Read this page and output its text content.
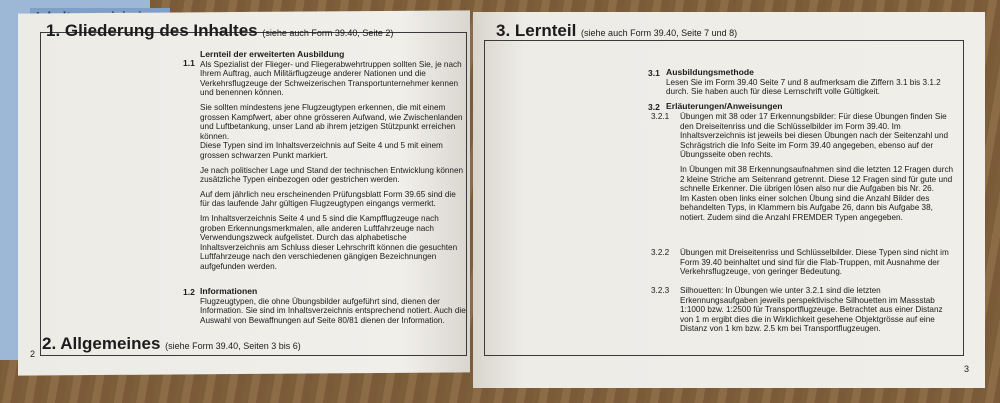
1. Gliederung des Inhaltes (siehe auch Form 39.40, Seite 2)
1.1
Lernteil der erweiterten Ausbildung

Als Spezialist der Flieger- und Fliegerabwehrtruppen sollten Sie, je nach Ihrem Auftrag, auch Militärflugzeuge anderer Nationen und die Verkehrsflugzeuge der Schweizerischen Transportunternehmer kennen und benennen können.

Sie sollten mindestens jene Flugzeugtypen erkennen, die mit einem grossen Kampfwert, aber ohne grösseren Aufwand, wie Zwischenlanden und Luftbetankung, unser Land ab ihrem jetzigen Stützpunkt erreichen können.
Diese Typen sind im Inhaltsverzeichnis auf Seite 4 und 5 mit einem grossen schwarzen Punkt markiert.

Je nach politischer Lage und Stand der technischen Entwicklung können zusätzliche Typen einbezogen oder gestrichen werden.

Auf dem jährlich neu erscheinenden Prüfungsblatt Form 39.65 sind die für das laufende Jahr gültigen Flugzeugtypen eingangs vermerkt.

Im Inhaltsverzeichnis Seite 4 und 5 sind die Kampfflugzeuge nach groben Erkennungsmerkmalen, alle anderen Luftfahrzeuge nach Verwendungszweck aufgelistet. Durch das alphabetische Inhaltsverzeichnis am Schluss dieser Lehrschrift können die gesuchten Luftfahrzeuge nach den verschiedenen gängigen Bezeichnungen aufgefunden werden.

1.2 Informationen

Flugzeugtypen, die ohne Übungsbilder aufgeführt sind, dienen der Information. Sie sind im Inhaltsverzeichnis entsprechend notiert. Auch die Auswahl von Bewaffnungen auf Seite 80/81 dienen der Information.

2. Allgemeines (siehe Form 39.40, Seiten 3 bis 6)
2
3. Lernteil (siehe auch Form 39.40, Seite 7 und 8)
3.1 Ausbildungsmethode

Lesen Sie im Form 39.40 Seite 7 und 8 aufmerksam die Ziffern 3.1 bis 3.1.2 durch. Sie haben auch für diese Lernschrift volle Gültigkeit.

3.2 Erläuterungen/Anweisungen
3.2.1 Übungen mit 38 oder 17 Erkennungsbilder: Für diese Übungen finden Sie den Dreiseitenriss und die Schlüsselbilder im Form 39.40. Im Inhaltsverzeichnis ist jeweils bei diesen Übungen nach der Seitenzahl und Schrägstrich die Info Seite im Form 39.40 angegeben, ebenso auf der Übungsseite oben rechts.

In Übungen mit 38 Erkennungsaufnahmen sind die letzten 12 Fragen durch 2 kleine Striche am Seitenrand getrennt. Diese 12 Fragen sind für gute und schnelle Erkenner. Die übrigen lösen also nur die Aufgaben bis Nr. 26.
Im Kasten oben links einer solchen Übung sind die Anzahl Bilder des behandelten Typs, in Klammern bis Aufgabe 26, dann bis Aufgabe 38, notiert. Zudem sind die Anzahl FREMDER Typen angegeben.

3.2.2 Übungen mit Dreiseitenriss und Schlüsselbilder. Diese Typen sind nicht im Form 39.40 beinhaltet und sind für die Flab-Truppen, mit Ausnahme der Verkehrsflugzeuge, von geringer Bedeutung.

3.2.3 Silhouetten: In Übungen wie unter 3.2.1 sind die letzten Erkennungsaufgaben jeweils perspektivische Silhouetten im Massstab 1:1000 bzw. 1:2500 für Transportflugzeuge. Betrachtet aus einer Distanz von 1 m ergibt dies die in Wirklichkeit gesehene Objektgrösse auf eine Distanz von 1 km bzw. 2.5 km bei Transportflugzeugen.

3
